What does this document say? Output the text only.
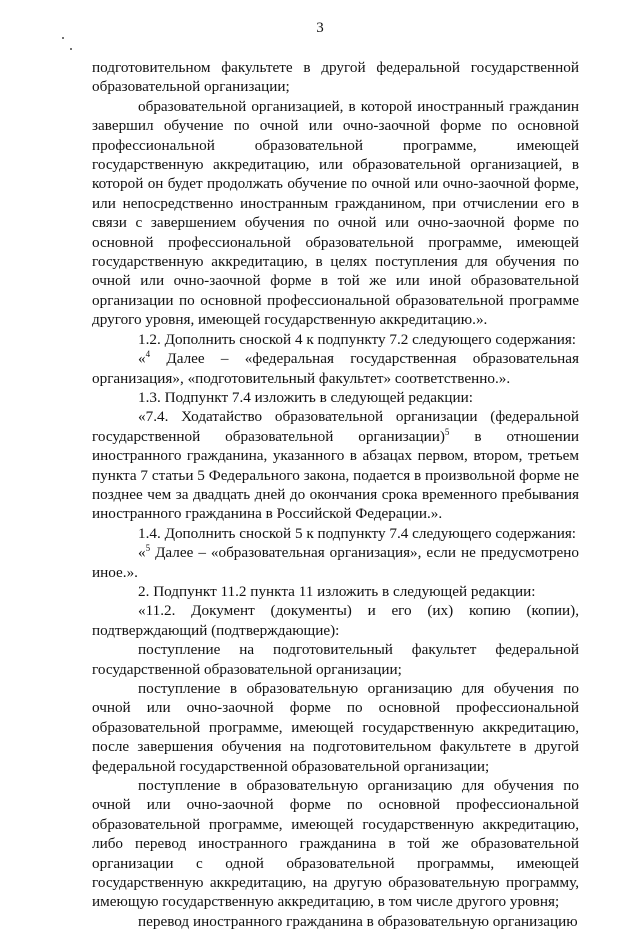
3

подготовительном факультете в другой федеральной государственной образовательной организации;

образовательной организацией, в которой иностранный гражданин завершил обучение по очной или очно-заочной форме по основной профессиональной образовательной программе, имеющей государственную аккредитацию, или образовательной организацией, в которой он будет продолжать обучение по очной или очно-заочной форме, или непосредственно иностранным гражданином, при отчислении его в связи с завершением обучения по очной или очно-заочной форме по основной профессиональной образовательной программе, имеющей государственную аккредитацию, в целях поступления для обучения по очной или очно-заочной форме в той же или иной образовательной организации по основной профессиональной образовательной программе другого уровня, имеющей государственную аккредитацию.».

1.2. Дополнить сноской 4 к подпункту 7.2 следующего содержания:

«$^4$ Далее – «федеральная государственная образовательная организация», «подготовительный факультет» соответственно.».

1.3. Подпункт 7.4 изложить в следующей редакции:

«7.4. Ходатайство образовательной организации (федеральной государственной образовательной организации)$^5$ в отношении иностранного гражданина, указанного в абзацах первом, втором, третьем пункта 7 статьи 5 Федерального закона, подается в произвольной форме не позднее чем за двадцать дней до окончания срока временного пребывания иностранного гражданина в Российской Федерации.».

1.4. Дополнить сноской 5 к подпункту 7.4 следующего содержания:

«$^5$ Далее – «образовательная организация», если не предусмотрено иное.».

2. Подпункт 11.2 пункта 11 изложить в следующей редакции:

«11.2. Документ (документы) и его (их) копию (копии), подтверждающий (подтверждающие):

поступление на подготовительный факультет федеральной государственной образовательной организации;

поступление в образовательную организацию для обучения по очной или очно-заочной форме по основной профессиональной образовательной программе, имеющей государственную аккредитацию, после завершения обучения на подготовительном факультете в другой федеральной государственной образовательной организации;

поступление в образовательную организацию для обучения по очной или очно-заочной форме по основной профессиональной образовательной программе, имеющей государственную аккредитацию, либо перевод иностранного гражданина в той же образовательной организации с одной образовательной программы, имеющей государственную аккредитацию, на другую образовательную программу, имеющую государственную аккредитацию, в том числе другого уровня;

перевод иностранного гражданина в образовательную организацию
